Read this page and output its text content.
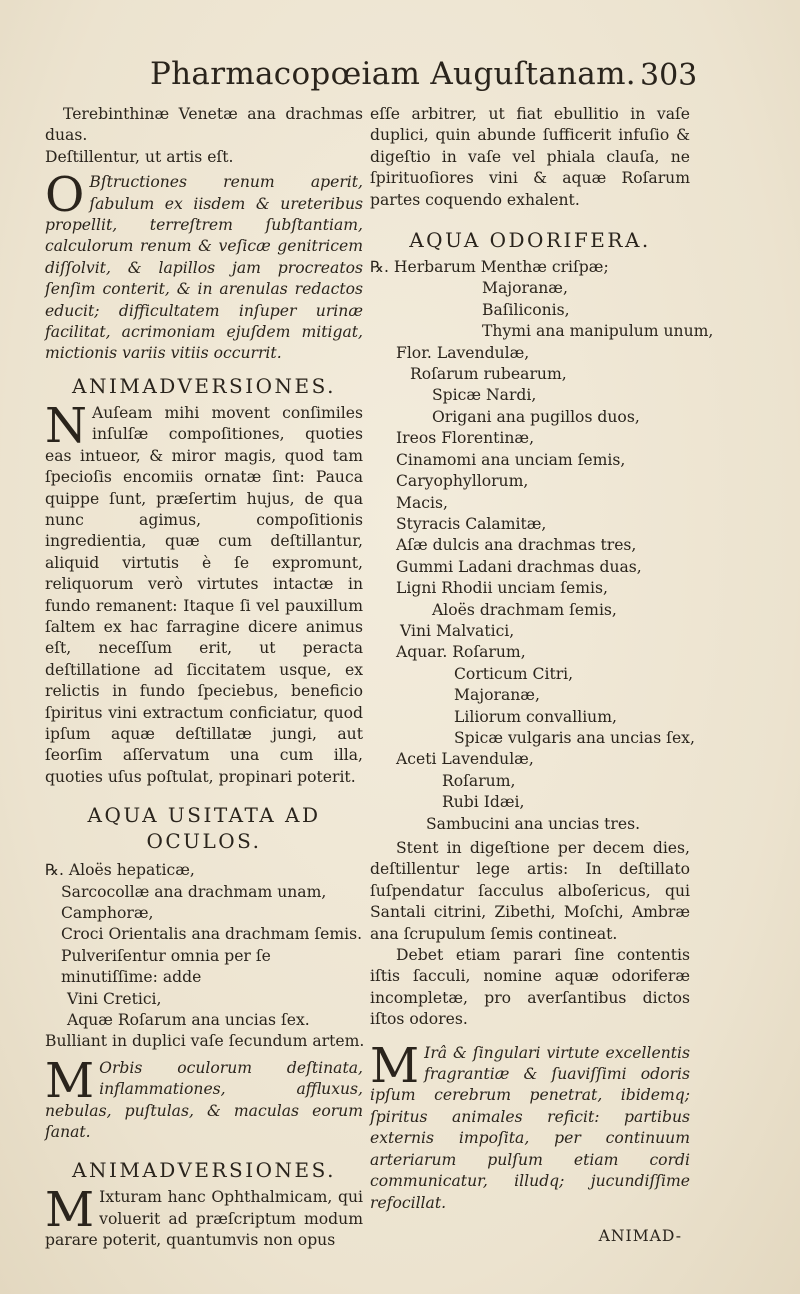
Pharmacopœiam Auguſtanam. 303

Terebinthinæ Venetæ ana drachmas duas.

Deſtillentur, ut artis eſt.

O Bſtructiones renum aperit, ſabulum ex iisdem & ureteribus propellit, terreſtrem ſubſtantiam, calculorum renum & veſicæ genitricem diſſolvit, & lapillos jam procreatos ſenſim conterit, & in arenulas redactos educit; difficultatem inſuper urinæ facilitat, acrimoniam ejuſdem mitigat, mictionis variis vitiis occurrit.

ANIMADVERSIONES.

N Auſeam mihi movent conſimiles inſulſæ compoſitiones, quoties eas intueor, & miror magis, quod tam ſpecioſis encomiis ornatæ ſint: Pauca quippe ſunt, præſertim hujus, de qua nunc agimus, compoſitionis ingredientia, quæ cum deſtillantur, aliquid virtutis è ſe expromunt, reliquorum verò virtutes intactæ in fundo remanent: Itaque ſi vel pauxillum ſaltem ex hac farragine dicere animus eſt, neceſſum erit, ut peracta deſtillatione ad ſiccitatem usque, ex relictis in fundo ſpeciebus, beneficio ſpiritus vini extractum conficiatur, quod ipſum aquæ deſtillatæ jungi, aut ſeorſim aſſervatum una cum illa, quoties uſus poſtulat, propinari poterit.

AQUA USITATA AD OCULOS.

℞. Aloës hepaticæ,
Sarcocollæ ana drachmam unam,
Camphoræ,
Croci Orientalis ana drachmam ſemis.
Pulveriſentur omnia per ſe minutiſſime: adde
Vini Cretici,
Aquæ Roſarum ana uncias ſex.
Bulliant in duplici vaſe ſecundum artem.

M Orbis oculorum deſtinata, inflammationes, affluxus, nebulas, puſtulas, & maculas eorum ſanat.

ANIMADVERSIONES.

M Ixturam hanc Ophthalmicam, qui voluerit ad præſcriptum modum parare poterit, quantumvis non opus

eſſe arbitrer, ut fiat ebullitio in vaſe duplici, quin abunde ſufficerit infuſio & digeſtio in vaſe vel phiala clauſa, ne ſpirituoſiores vini & aquæ Roſarum partes coquendo exhalent.

AQUA ODORIFERA.

℞. Herbarum Menthæ criſpæ;
Majoranæ,
Baſiliconis,
Thymi ana manipulum unum,
Flor. Lavendulæ,
Roſarum rubearum,
Spicæ Nardi,
Origani ana pugillos duos,
Ireos Florentinæ,
Cinamomi ana unciam ſemis,
Caryophyllorum,
Macis,
Styracis Calamitæ,
Aſæ dulcis ana drachmas tres,
Gummi Ladani drachmas duas,
Ligni Rhodii unciam ſemis,
Aloës drachmam ſemis,
Vini Malvatici,
Aquar. Roſarum,
Corticum Citri,
Majoranæ,
Liliorum convallium,
Spicæ vulgaris ana uncias ſex,
Aceti Lavendulæ,
Roſarum,
Rubi Idæi,
Sambucini ana uncias tres.

Stent in digeſtione per decem dies, deſtillentur lege artis: In deſtillato ſuſpendatur ſacculus alboſericus, qui Santali citrini, Zibethi, Moſchi, Ambræ ana ſcrupulum ſemis contineat.

Debet etiam parari ſine contentis iſtis ſacculi, nomine aquæ odoriferæ incompletæ, pro averſantibus dictos iſtos odores.

M Irâ & ſingulari virtute excellentis fragrantiæ & ſuaviſſimi odoris ipſum cerebrum penetrat, ibidemq; ſpiritus animales reficit: partibus externis impoſita, per continuum arteriarum pulſum etiam cordi communicatur, illudq; jucundiſſime refocillat.

ANIMAD-
